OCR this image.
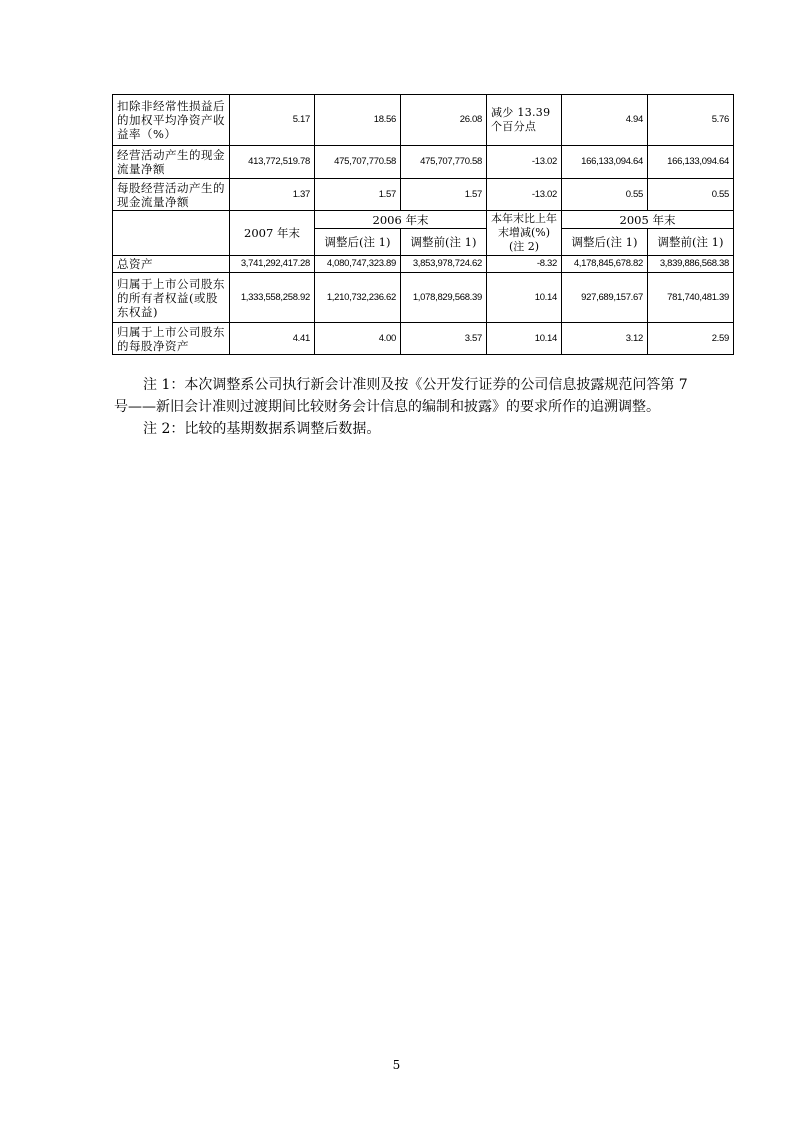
扣除非经常性损益后的加权平均净资产收益率（%）	5.17	18.56	26.08	减少 13.39 个百分点	4.94	5.76
经营活动产生的现金流量净额	413,772,519.78	475,707,770.58	475,707,770.58	-13.02	166,133,094.64	166,133,094.64
每股经营活动产生的现金流量净额	1.37	1.57	1.57	-13.02	0.55	0.55
	2007 年末	2006 年末		本年末比上年末增减(%)(注 2)	2005 年末	
		调整后(注 1)	调整前(注 1)		调整后(注 1)	调整前(注 1)
总资产	3,741,292,417.28	4,080,747,323.89	3,853,978,724.62	-8.32	4,178,845,678.82	3,839,886,568.38
归属于上市公司股东的所有者权益(或股东权益)	1,333,558,258.92	1,210,732,236.62	1,078,829,568.39	10.14	927,689,157.67	781,740,481.39
归属于上市公司股东的每股净资产	4.41	4.00	3.57	10.14	3.12	2.59

注 1：本次调整系公司执行新会计准则及按《公开发行证券的公司信息披露规范问答第 7 号——新旧会计准则过渡期间比较财务会计信息的编制和披露》的要求所作的追溯调整。

注 2：比较的基期数据系调整后数据。

5
